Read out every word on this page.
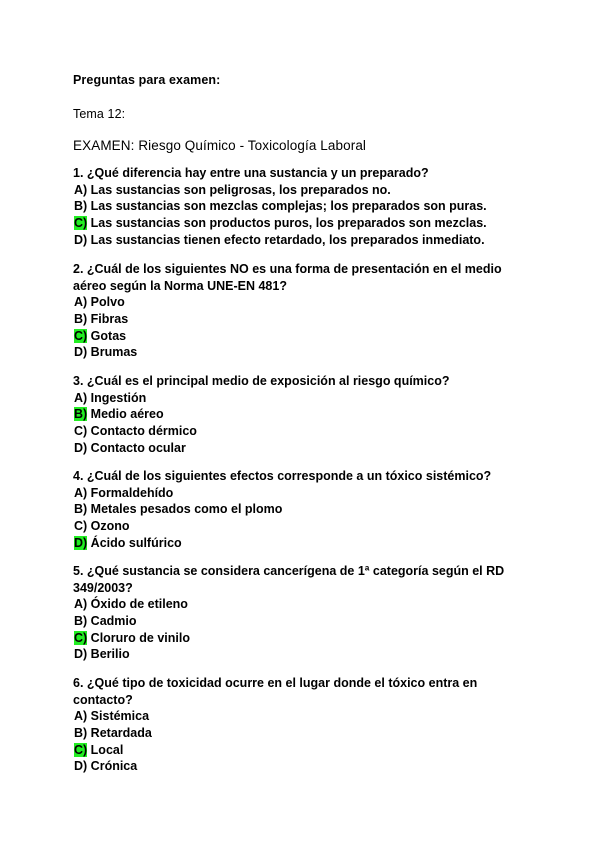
Preguntas para examen:
Tema 12:
EXAMEN: Riesgo Químico - Toxicología Laboral
1. ¿Qué diferencia hay entre una sustancia y un preparado?
A) Las sustancias son peligrosas, los preparados no.
B) Las sustancias son mezclas complejas; los preparados son puras.
C) Las sustancias son productos puros, los preparados son mezclas.
D) Las sustancias tienen efecto retardado, los preparados inmediato.
2. ¿Cuál de los siguientes NO es una forma de presentación en el medio aéreo según la Norma UNE-EN 481?
A) Polvo
B) Fibras
C) Gotas
D) Brumas
3. ¿Cuál es el principal medio de exposición al riesgo químico?
A) Ingestión
B) Medio aéreo
C) Contacto dérmico
D) Contacto ocular
4. ¿Cuál de los siguientes efectos corresponde a un tóxico sistémico?
A) Formaldehído
B) Metales pesados como el plomo
C) Ozono
D) Ácido sulfúrico
5. ¿Qué sustancia se considera cancerígena de 1ª categoría según el RD 349/2003?
A) Óxido de etileno
B) Cadmio
C) Cloruro de vinilo
D) Berilio
6. ¿Qué tipo de toxicidad ocurre en el lugar donde el tóxico entra en contacto?
A) Sistémica
B) Retardada
C) Local
D) Crónica
